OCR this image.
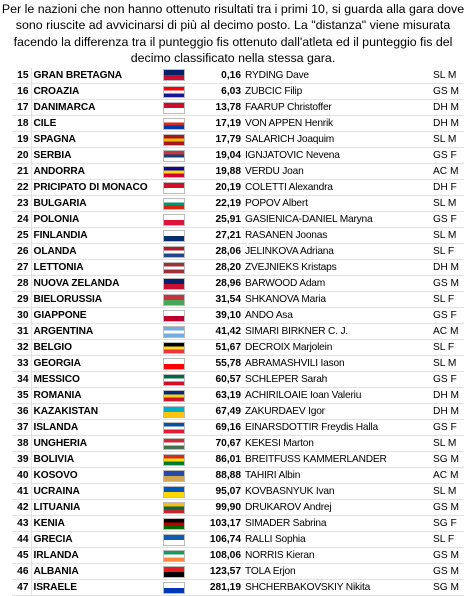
Per le nazioni che non hanno ottenuto risultati tra i primi 10, si guarda alla gara dove sono riuscite ad avvicinarsi di più al decimo posto. La "distanza" viene misurata facendo la differenza tra il punteggio fis ottenuto dall'atleta ed il punteggio fis del decimo classificato nella stessa gara.
15	GRAN BRETAGNA		0,16	RYDING Dave	SL M
16	CROAZIA		6,03	ZUBCIC Filip	GS M
17	DANIMARCA		13,78	FAARUP Christoffer	DH M
18	CILE		17,19	VON APPEN Henrik	DH M
19	SPAGNA		17,79	SALARICH Joaquim	SL M
20	SERBIA		19,04	IGNJATOVIC Nevena	GS F
21	ANDORRA		19,88	VERDU Joan	AC M
22	PRICIPATO DI MONACO		20,19	COLETTI Alexandra	DH F
23	BULGARIA		22,19	POPOV Albert	SL M
24	POLONIA		25,91	GASIENICA-DANIEL Maryna	GS F
25	FINLANDIA		27,21	RASANEN Joonas	SL M
26	OLANDA		28,06	JELINKOVA Adriana	SL F
27	LETTONIA		28,20	ZVEJNIEKS Kristaps	DH M
28	NUOVA ZELANDA		28,96	BARWOOD Adam	GS M
29	BIELORUSSIA		31,54	SHKANOVA Maria	SL F
30	GIAPPONE		39,10	ANDO Asa	GS F
31	ARGENTINA		41,42	SIMARI BIRKNER C. J.	AC M
32	BELGIO		51,67	DECROIX Marjolein	SL F
33	GEORGIA		55,78	ABRAMASHVILI Iason	SL M
34	MESSICO		60,57	SCHLEPER Sarah	GS F
35	ROMANIA		63,19	ACHIRILOAIE Ioan Valeriu	DH M
36	KAZAKISTAN		67,49	ZAKURDAEV Igor	DH M
37	ISLANDA		69,16	EINARSDOTTIR Freydis Halla	GS F
38	UNGHERIA		70,67	KEKESI Marton	SL M
39	BOLIVIA		86,01	BREITFUSS KAMMERLANDER	SG M
40	KOSOVO		88,88	TAHIRI Albin	AC M
41	UCRAINA		95,07	KOVBASNYUK Ivan	SL M
42	LITUANIA		99,90	DRUKAROV Andrej	GS M
43	KENIA		103,17	SIMADER Sabrina	SG F
44	GRECIA		106,74	RALLI Sophia	SL F
45	IRLANDA		108,06	NORRIS Kieran	GS M
46	ALBANIA		123,57	TOLA Erjon	GS M
47	ISRAELE		281,19	SHCHERBAKOVSKIY Nikita	SG M
